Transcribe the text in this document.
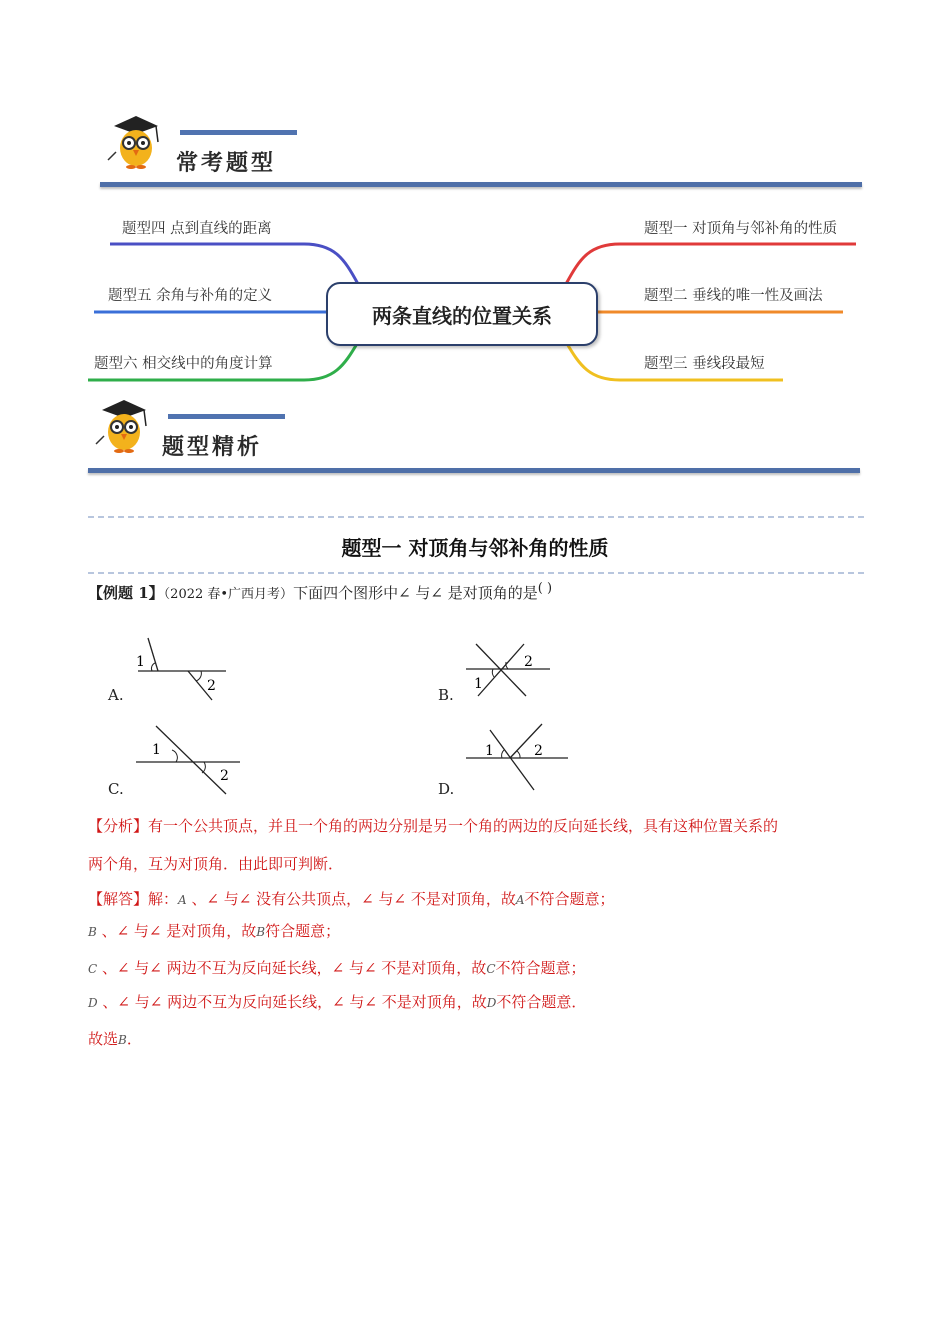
常考题型
题型四 点到直线的距离
题型五 余角与补角的定义
题型六 相交线中的角度计算
题型一 对顶角与邻补角的性质
题型二 垂线的唯一性及画法
题型三 垂线段最短
两条直线的位置关系
题型精析
题型一 对顶角与邻补角的性质
【例题 1】（2022 春•广西月考）下面四个图形中∠ 与∠ 是对顶角的是( )
1
2
A.
1
2
B.
1
2
C.
1	2
D.
【分析】有一个公共顶点，并且一个角的两边分别是另一个角的两边的反向延长线，具有这种位置关系的
两个角，互为对顶角．由此即可判断．
【解答】解：A 、∠ 与∠ 没有公共顶点，∠ 与∠ 不是对顶角，故A不符合题意；
B 、∠ 与∠ 是对顶角，故B符合题意；
C 、∠ 与∠ 两边不互为反向延长线，∠ 与∠ 不是对顶角，故C不符合题意；
D 、∠ 与∠ 两边不互为反向延长线，∠ 与∠ 不是对顶角，故D不符合题意．
故选B．
